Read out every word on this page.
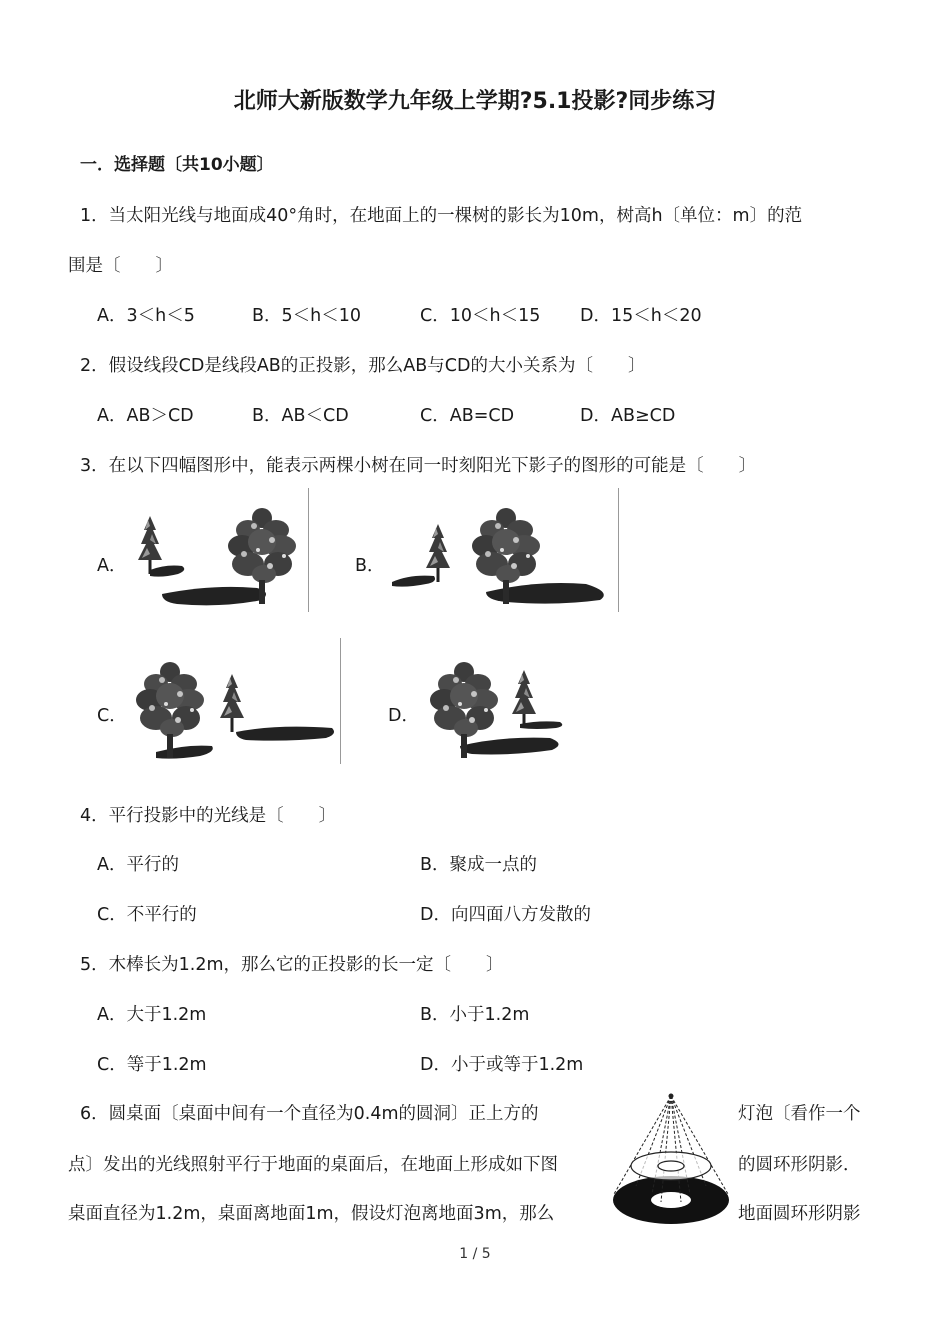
北师大新版数学九年级上学期?5.1投影?同步练习
一．选择题〔共10小题〕
1．当太阳光线与地面成40°角时，在地面上的一棵树的影长为10m，树高h〔单位：m〕的范
围是〔　　〕
A．3＜h＜5	B．5＜h＜10	C．10＜h＜15 D．15＜h＜20
2．假设线段CD是线段AB的正投影，那么AB与CD的大小关系为〔　　〕
A．AB＞CD	B．AB＜CD	C．AB=CD	D．AB≥CD
3．在以下四幅图形中，能表示两棵小树在同一时刻阳光下影子的图形的可能是〔　　〕
A．	B．
C．	D．
4．平行投影中的光线是〔　　〕
A．平行的	B．聚成一点的
C．不平行的	D．向四面八方发散的
5．木棒长为1.2m，那么它的正投影的长一定〔　　〕
A．大于1.2m	B．小于1.2m
C．等于1.2m	D．小于或等于1.2m
6．圆桌面〔桌面中间有一个直径为0.4m的圆洞〕正上方的	灯泡〔看作一个
点〕发出的光线照射平行于地面的桌面后，在地面上形成如下图	的圆环形阴影．
桌面直径为1.2m，桌面离地面1m，假设灯泡离地面3m，那么	地面圆环形阴影
1 / 5
